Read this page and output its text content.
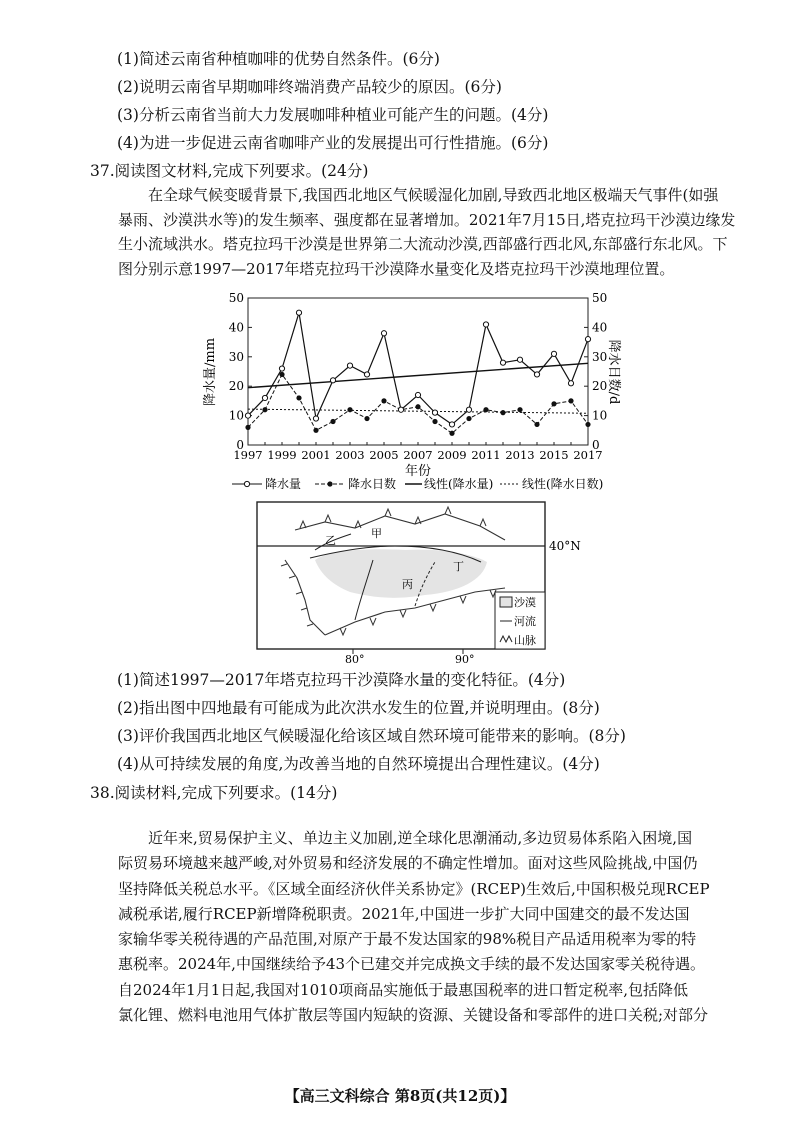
(1)简述云南省种植咖啡的优势自然条件。(6分)
(2)说明云南省早期咖啡终端消费产品较少的原因。(6分)
(3)分析云南省当前大力发展咖啡种植业可能产生的问题。(4分)
(4)为进一步促进云南省咖啡产业的发展提出可行性措施。(6分)
37.阅读图文材料,完成下列要求。(24分)
在全球气候变暖背景下,我国西北地区气候暖湿化加剧,导致西北地区极端天气事件(如强
暴雨、沙漠洪水等)的发生频率、强度都在显著增加。2021年7月15日,塔克拉玛干沙漠边缘发
生小流域洪水。塔克拉玛干沙漠是世界第二大流动沙漠,西部盛行西北风,东部盛行东北风。下
图分别示意1997—2017年塔克拉玛干沙漠降水量变化及塔克拉玛干沙漠地理位置。
0
10
20
30
40
50
0
10
20
30
40
50
1997 1999 2001 2003 2005 2007 2009 2011 2013 2015 2017
降水量/mm	降水日数/d
年份
降水量	降水日数 线性(降水量) 线性(降水日数)
甲
乙
丙
丁
40°N
80°	90°
沙漠
河流
山脉
(1)简述1997—2017年塔克拉玛干沙漠降水量的变化特征。(4分)
(2)指出图中四地最有可能成为此次洪水发生的位置,并说明理由。(8分)
(3)评价我国西北地区气候暖湿化给该区域自然环境可能带来的影响。(8分)
(4)从可持续发展的角度,为改善当地的自然环境提出合理性建议。(4分)
38.阅读材料,完成下列要求。(14分)
近年来,贸易保护主义、单边主义加剧,逆全球化思潮涌动,多边贸易体系陷入困境,国
际贸易环境越来越严峻,对外贸易和经济发展的不确定性增加。面对这些风险挑战,中国仍
坚持降低关税总水平。《区域全面经济伙伴关系协定》(RCEP)生效后,中国积极兑现RCEP
减税承诺,履行RCEP新增降税职责。2021年,中国进一步扩大同中国建交的最不发达国
家输华零关税待遇的产品范围,对原产于最不发达国家的98%税目产品适用税率为零的特
惠税率。2024年,中国继续给予43个已建交并完成换文手续的最不发达国家零关税待遇。
自2024年1月1日起,我国对1010项商品实施低于最惠国税率的进口暂定税率,包括降低
氯化锂、燃料电池用气体扩散层等国内短缺的资源、关键设备和零部件的进口关税;对部分
【高三文科综合 第8页(共12页)】
